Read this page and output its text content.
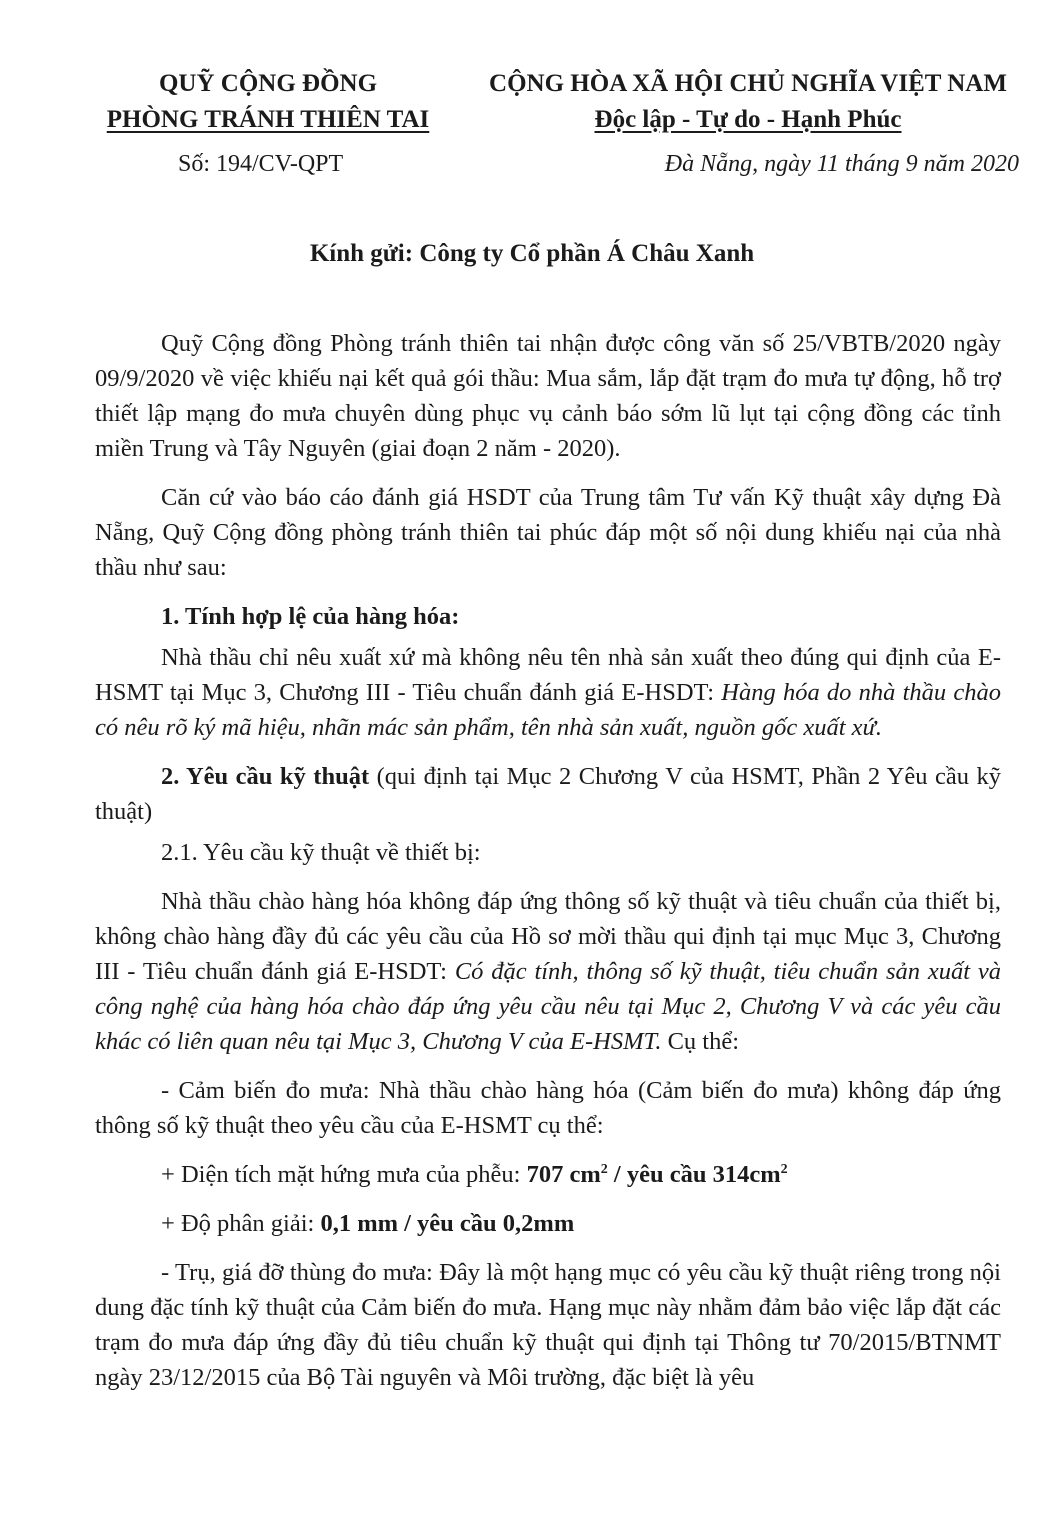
QUỸ CỘNG ĐỒNG
PHÒNG TRÁNH THIÊN TAI
Số: 194/CV-QPT
CỘNG HÒA XÃ HỘI CHỦ NGHĨA VIỆT NAM
Độc lập - Tự do - Hạnh Phúc
Đà Nẵng, ngày 11 tháng 9 năm 2020
Kính gửi: Công ty Cổ phần Á Châu Xanh

Quỹ Cộng đồng Phòng tránh thiên tai nhận được công văn số 25/VBTB/2020 ngày 09/9/2020 về việc khiếu nại kết quả gói thầu: Mua sắm, lắp đặt trạm đo mưa tự động, hỗ trợ thiết lập mạng đo mưa chuyên dùng phục vụ cảnh báo sớm lũ lụt tại cộng đồng các tỉnh miền Trung và Tây Nguyên (giai đoạn 2 năm - 2020).

Căn cứ vào báo cáo đánh giá HSDT của Trung tâm Tư vấn Kỹ thuật xây dựng Đà Nẵng, Quỹ Cộng đồng phòng tránh thiên tai phúc đáp một số nội dung khiếu nại của nhà thầu như sau:

1. Tính hợp lệ của hàng hóa:

Nhà thầu chỉ nêu xuất xứ mà không nêu tên nhà sản xuất theo đúng qui định của E-HSMT tại Mục 3, Chương III - Tiêu chuẩn đánh giá E-HSDT: Hàng hóa do nhà thầu chào có nêu rõ ký mã hiệu, nhãn mác sản phẩm, tên nhà sản xuất, nguồn gốc xuất xứ.

2. Yêu cầu kỹ thuật (qui định tại Mục 2 Chương V của HSMT, Phần 2 Yêu cầu kỹ thuật)

2.1. Yêu cầu kỹ thuật về thiết bị:

Nhà thầu chào hàng hóa không đáp ứng thông số kỹ thuật và tiêu chuẩn của thiết bị, không chào hàng đầy đủ các yêu cầu của Hồ sơ mời thầu qui định tại mục Mục 3, Chương III - Tiêu chuẩn đánh giá E-HSDT: Có đặc tính, thông số kỹ thuật, tiêu chuẩn sản xuất và công nghệ của hàng hóa chào đáp ứng yêu cầu nêu tại Mục 2, Chương V và các yêu cầu khác có liên quan nêu tại Mục 3, Chương V của E-HSMT. Cụ thể:

- Cảm biến đo mưa: Nhà thầu chào hàng hóa (Cảm biến đo mưa) không đáp ứng thông số kỹ thuật theo yêu cầu của E-HSMT cụ thể:

+ Diện tích mặt hứng mưa của phễu: 707 $cm^2$ / yêu cầu $314cm^2$

+ Độ phân giải: 0,1 mm / yêu cầu 0,2mm

- Trụ, giá đỡ thùng đo mưa: Đây là một hạng mục có yêu cầu kỹ thuật riêng trong nội dung đặc tính kỹ thuật của Cảm biến đo mưa. Hạng mục này nhằm đảm bảo việc lắp đặt các trạm đo mưa đáp ứng đầy đủ tiêu chuẩn kỹ thuật qui định tại Thông tư 70/2015/BTNMT ngày 23/12/2015 của Bộ Tài nguyên và Môi trường, đặc biệt là yêu
